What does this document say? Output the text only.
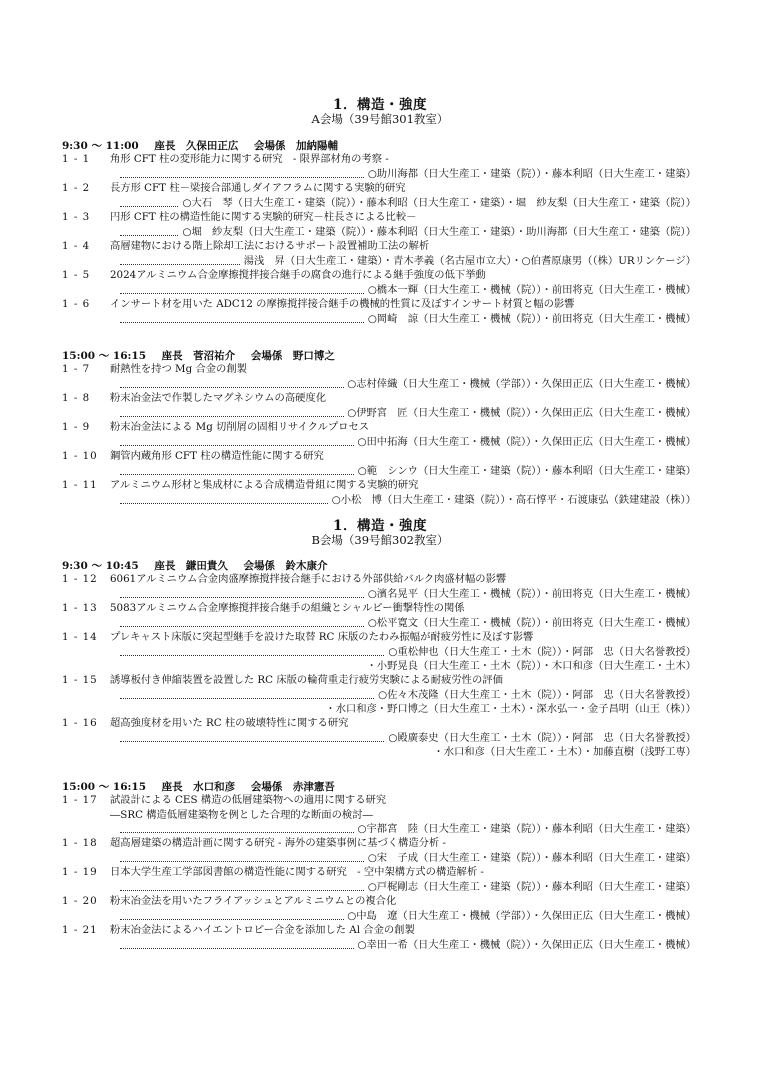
1．構造・強度
A会場（39号館301教室）
9:30 ～ 11:00 座長　久保田正広 会場係　加納陽輔
1 - 1 角形 CFT 柱の変形能力に関する研究　- 限界部材角の考察 -
○助川海都（日大生産工・建築（院））・藤本利昭（日大生産工・建築）
1 - 2 長方形 CFT 柱－梁接合部通しダイアフラムに関する実験的研究
○大石　琴（日大生産工・建築（院））・藤本利昭（日大生産工・建築）・堀　紗友梨（日大生産工・建築（院））
1 - 3 円形 CFT 柱の構造性能に関する実験的研究－柱長さによる比較－
○堀　紗友梨（日大生産工・建築（院））・藤本利昭（日大生産工・建築）・助川海都（日大生産工・建築（院））
1 - 4 高層建物における階上除却工法におけるサポート設置補助工法の解析
湯浅　昇（日大生産工・建築）・青木孝義（名古屋市立大）・○伯耆原康男（（株）URリンケージ）
1 - 5 2024アルミニウム合金摩擦撹拌接合継手の腐食の進行による継手強度の低下挙動
○橋本一輝（日大生産工・機械（院））・前田将克（日大生産工・機械）
1 - 6 インサート材を用いた ADC12 の摩擦撹拌接合継手の機械的性質に及ぼすインサート材質と幅の影響
○岡崎　諒（日大生産工・機械（院））・前田将克（日大生産工・機械）
15:00 ～ 16:15 座長　菅沼祐介 会場係　野口博之
1 - 7 耐熱性を持つ Mg 合金の創製
○志村倖織（日大生産工・機械（学部））・久保田正広（日大生産工・機械）
1 - 8 粉末冶金法で作製したマグネシウムの高硬度化
○伊野宮　匠（日大生産工・機械（院））・久保田正広（日大生産工・機械）
1 - 9 粉末冶金法による Mg 切削屑の固相リサイクルプロセス
○田中拓海（日大生産工・機械（院））・久保田正広（日大生産工・機械）
1 - 10 鋼管内蔵角形 CFT 柱の構造性能に関する研究
○範　シンウ（日大生産工・建築（院））・藤本利昭（日大生産工・建築）
1 - 11 アルミニウム形材と集成材による合成構造骨組に関する実験的研究
○小松　博（日大生産工・建築（院））・高石惇平・石渡康弘（鉄建建設（株））
1．構造・強度
B会場（39号館302教室）
9:30 ～ 10:45 座長　鎌田貴久 会場係　鈴木康介
1 - 12 6061アルミニウム合金肉盛摩擦撹拌接合継手における外部供給バルク肉盛材幅の影響
○濱名晃平（日大生産工・機械（院））・前田将克（日大生産工・機械）
1 - 13 5083アルミニウム合金摩擦撹拌接合継手の組織とシャルピー衝撃特性の関係
○松平寛文（日大生産工・機械（院））・前田将克（日大生産工・機械）
1 - 14 プレキャスト床版に突起型継手を設けた取替 RC 床版のたわみ振幅が耐疲労性に及ぼす影響
○重松伸也（日大生産工・土木（院））・阿部　忠（日大名誉教授）
・小野晃良（日大生産工・土木（院））・木口和彦（日大生産工・土木）
1 - 15 誘導板付き伸縮装置を設置した RC 床版の輪荷重走行疲労実験による耐疲労性の評価
○佐々木茂隆（日大生産工・土木（院））・阿部　忠（日大名誉教授）
・水口和彦・野口博之（日大生産工・土木）・深水弘一・金子昌明（山王（株））
1 - 16 超高強度材を用いた RC 柱の破壊特性に関する研究
○殿廣泰史（日大生産工・土木（院））・阿部　忠（日大名誉教授）
・水口和彦（日大生産工・土木）・加藤直樹（浅野工専）
15:00 ～ 16:15 座長　水口和彦 会場係　赤津憲吾
1 - 17 試設計による CES 構造の低層建築物への適用に関する研究
―SRC 構造低層建築物を例とした合理的な断面の検討―
○宇都宮　陸（日大生産工・建築（院））・藤本利昭（日大生産工・建築）
1 - 18 超高層建築の構造計画に関する研究 - 海外の建築事例に基づく構造分析 -
○宋　子成（日大生産工・建築（院））・藤本利昭（日大生産工・建築）
1 - 19 日本大学生産工学部図書館の構造性能に関する研究　- 空中架構方式の構造解析 -
○戸梶剛志（日大生産工・建築（院））・藤本利昭（日大生産工・建築）
1 - 20 粉末冶金法を用いたフライアッシュとアルミニウムとの複合化
○中島　遼（日大生産工・機械（学部））・久保田正広（日大生産工・機械）
1 - 21 粉末冶金法によるハイエントロピー合金を添加した Al 合金の創製
○幸田一希（日大生産工・機械（院））・久保田正広（日大生産工・機械）
